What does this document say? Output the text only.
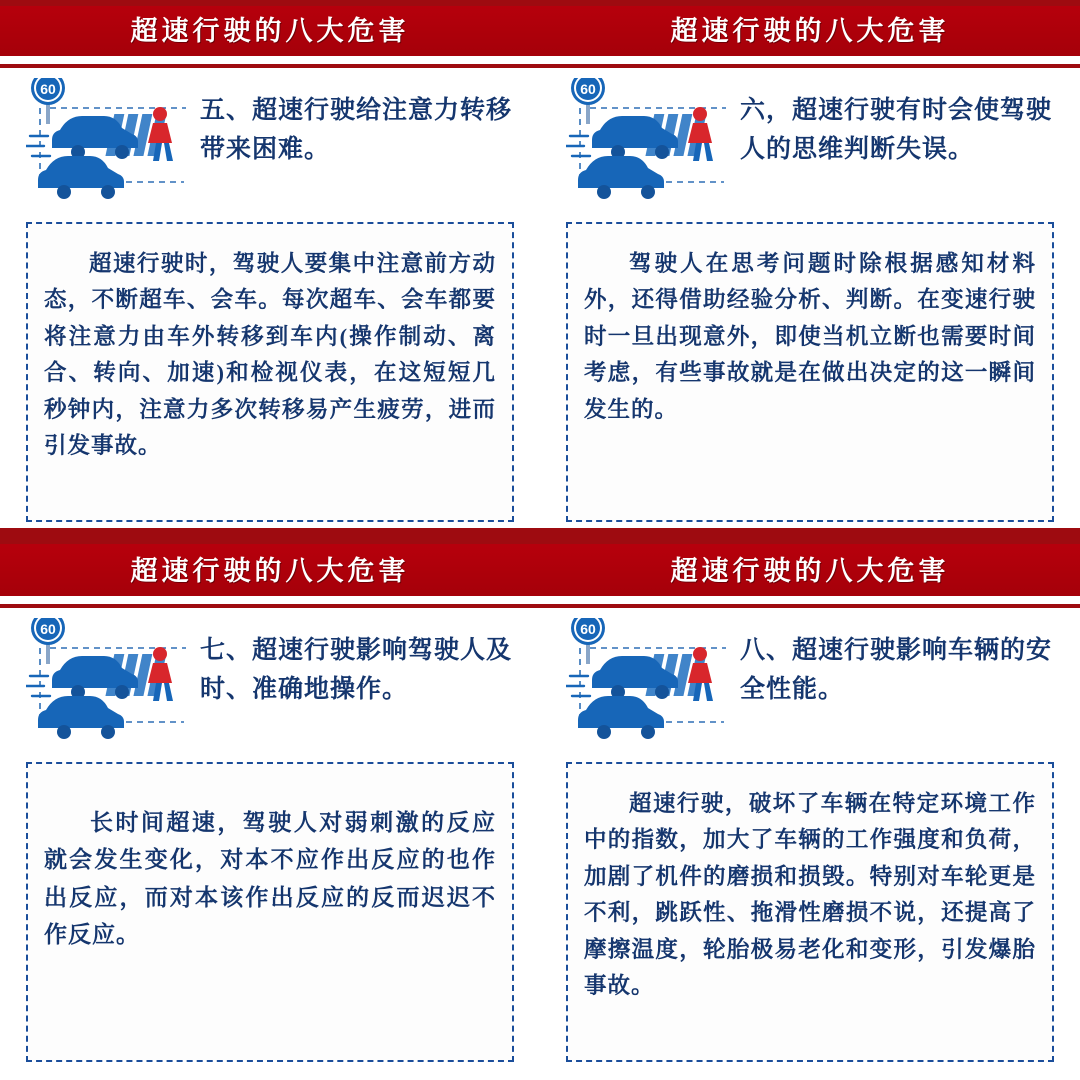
超速行驶的八大危害
60
五、超速行驶给注意力转移带来困难。

超速行驶时，驾驶人要集中注意前方动态，不断超车、会车。每次超车、会车都要将注意力由车外转移到车内(操作制动、离合、转向、加速)和检视仪表，在这短短几秒钟内，注意力多次转移易产生疲劳，进而引发事故。

超速行驶的八大危害
60
六，超速行驶有时会使驾驶人的思维判断失误。

驾驶人在思考问题时除根据感知材料外，还得借助经验分析、判断。在变速行驶时一旦出现意外，即使当机立断也需要时间考虑，有些事故就是在做出决定的这一瞬间发生的。

超速行驶的八大危害
60
七、超速行驶影响驾驶人及时、准确地操作。

长时间超速，驾驶人对弱刺激的反应就会发生变化，对本不应作出反应的也作出反应，而对本该作出反应的反而迟迟不作反应。

超速行驶的八大危害
60
八、超速行驶影响车辆的安全性能。

超速行驶，破坏了车辆在特定环境工作中的指数，加大了车辆的工作强度和负荷，加剧了机件的磨损和损毁。特别对车轮更是不利，跳跃性、拖滑性磨损不说，还提高了摩擦温度，轮胎极易老化和变形，引发爆胎事故。
